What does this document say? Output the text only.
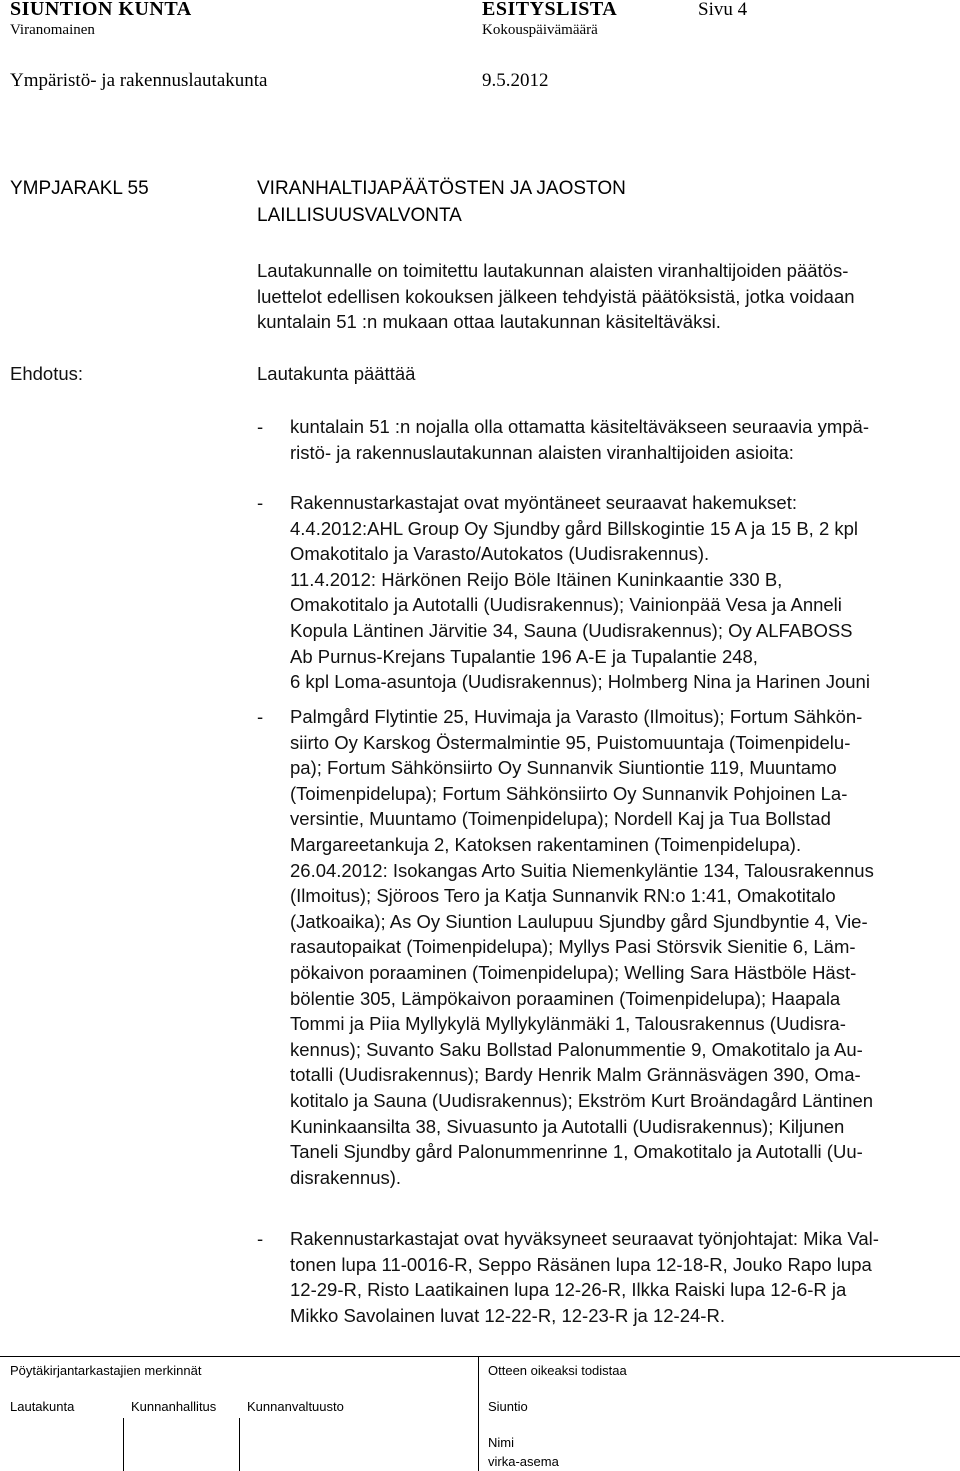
SIUNTION KUNTA	ESITYSLISTA	Sivu 4
Viranomainen	Kokouspäivämäärä
Ympäristö- ja rakennuslautakunta	9.5.2012
YMPJARAKL 55	VIRANHALTIJAPÄÄTÖSTEN JA JAOSTON
LAILLISUUSVALVONTA
Lautakunnalle on toimitettu lautakunnan alaisten viranhaltijoiden päätös-
luettelot edellisen kokouksen jälkeen tehdyistä päätöksistä, jotka voidaan
kuntalain 51 :n mukaan ottaa lautakunnan käsiteltäväksi.
Ehdotus:	Lautakunta päättää
- kuntalain 51 :n nojalla olla ottamatta käsiteltäväkseen seuraavia ympä-
ristö- ja rakennuslautakunnan alaisten viranhaltijoiden asioita:
- Rakennustarkastajat ovat myöntäneet seuraavat hakemukset:
4.4.2012:AHL Group Oy Sjundby gård Billskogintie 15 A ja 15 B, 2 kpl
Omakotitalo ja Varasto/Autokatos (Uudisrakennus).
11.4.2012: Härkönen Reijo Böle Itäinen Kuninkaantie 330 B,
Omakotitalo ja Autotalli (Uudisrakennus); Vainionpää Vesa ja Anneli
Kopula Läntinen Järvitie 34, Sauna (Uudisrakennus); Oy ALFABOSS
Ab Purnus-Krejans Tupalantie 196 A-E ja Tupalantie 248,
6 kpl Loma-asuntoja (Uudisrakennus); Holmberg Nina ja Harinen Jouni
- Palmgård Flytintie 25, Huvimaja ja Varasto (Ilmoitus); Fortum Sähkön-
siirto Oy Karskog Östermalmintie 95, Puistomuuntaja (Toimenpidelu-
pa); Fortum Sähkönsiirto Oy Sunnanvik Siuntiontie 119, Muuntamo
(Toimenpidelupa); Fortum Sähkönsiirto Oy Sunnanvik Pohjoinen La-
versintie, Muuntamo (Toimenpidelupa); Nordell Kaj ja Tua Bollstad
Margareetankuja 2, Katoksen rakentaminen (Toimenpidelupa).
26.04.2012: Isokangas Arto Suitia Niemenkyläntie 134, Talousrakennus
(Ilmoitus); Sjöroos Tero ja Katja Sunnanvik RN:o 1:41, Omakotitalo
(Jatkoaika); As Oy Siuntion Laulupuu Sjundby gård Sjundbyntie 4, Vie-
rasautopaikat (Toimenpidelupa); Myllys Pasi Störsvik Sienitie 6, Läm-
pökaivon poraaminen (Toimenpidelupa); Welling Sara Hästböle Häst-
bölentie 305, Lämpökaivon poraaminen (Toimenpidelupa); Haapala
Tommi ja Piia Myllykylä Myllykylänmäki 1, Talousrakennus (Uudisra-
kennus); Suvanto Saku Bollstad Palonummentie 9, Omakotitalo ja Au-
totalli (Uudisrakennus); Bardy Henrik Malm Grännäsvägen 390, Oma-
kotitalo ja Sauna (Uudisrakennus); Ekström Kurt Broändagård Läntinen
Kuninkaansilta 38, Sivuasunto ja Autotalli (Uudisrakennus); Kiljunen
Taneli Sjundby gård Palonummenrinne 1, Omakotitalo ja Autotalli (Uu-
disrakennus).
- Rakennustarkastajat ovat hyväksyneet seuraavat työnjohtajat: Mika Val-
tonen lupa 11-0016-R, Seppo Räsänen lupa 12-18-R, Jouko Rapo lupa
12-29-R, Risto Laatikainen lupa 12-26-R, Ilkka Raiski lupa 12-6-R ja
Mikko Savolainen luvat 12-22-R, 12-23-R ja 12-24-R.
Pöytäkirjantarkastajien merkinnät	Otteen oikeaksi todistaa
Lautakunta	Kunnanhallitus Kunnanvaltuusto	Siuntio
Nimi
virka-asema
